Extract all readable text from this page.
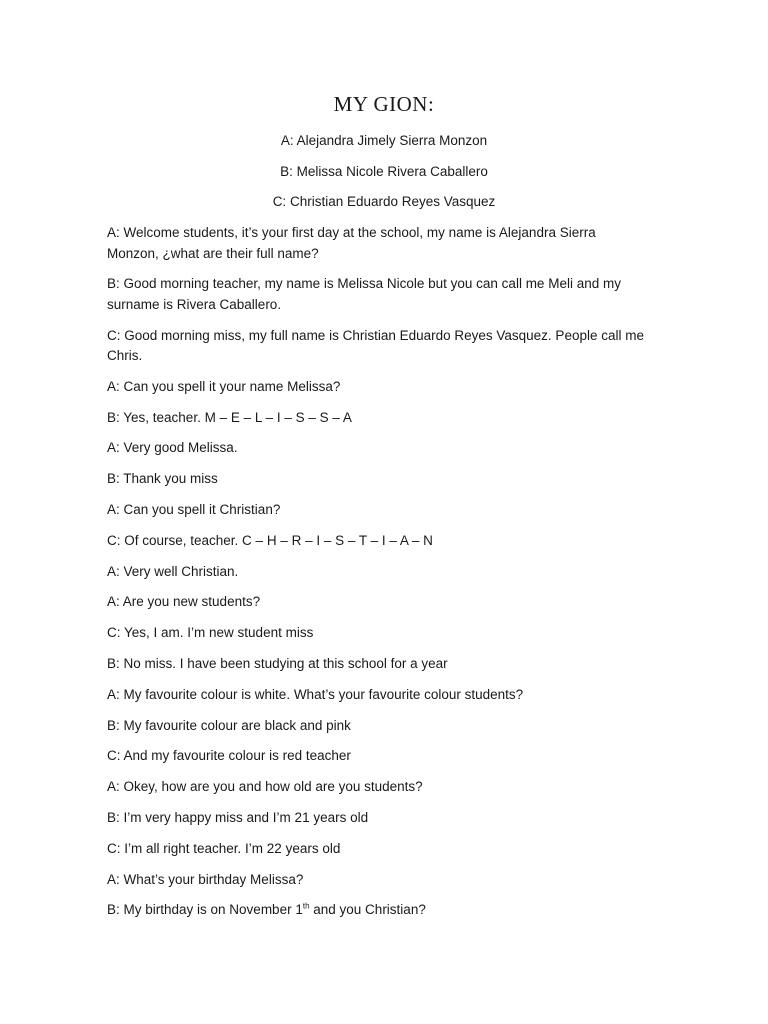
MY GION:
A: Alejandra Jimely Sierra Monzon
B: Melissa Nicole Rivera Caballero
C: Christian Eduardo Reyes Vasquez

A: Welcome students, it’s your first day at the school, my name is Alejandra Sierra Monzon, ¿what are their full name?

B: Good morning teacher, my name is Melissa Nicole but you can call me Meli and my surname is Rivera Caballero.

C: Good morning miss, my full name is Christian Eduardo Reyes Vasquez. People call me Chris.

A: Can you spell it your name Melissa?

B: Yes, teacher. M – E – L – I – S – S – A

A: Very good Melissa.

B: Thank you miss

A: Can you spell it Christian?

C: Of course, teacher. C – H – R – I – S – T – I – A – N

A: Very well Christian.

A: Are you new students?

C: Yes, I am. I’m new student miss

B: No miss. I have been studying at this school for a year

A: My favourite colour is white. What’s your favourite colour students?

B: My favourite colour are black and pink

C: And my favourite colour is red teacher

A: Okey, how are you and how old are you students?

B: I’m very happy miss and I’m 21 years old

C: I’m all right teacher. I’m 22 years old

A: What’s your birthday Melissa?

B: My birthday is on November 1th and you Christian?
